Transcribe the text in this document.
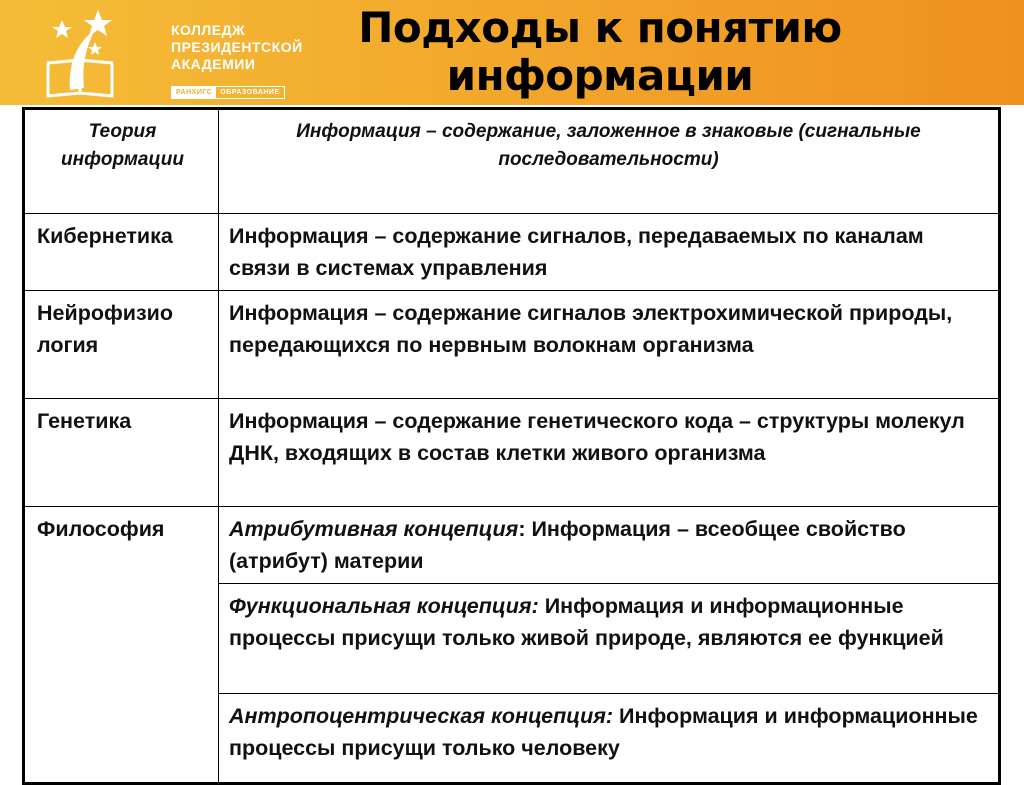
КОЛЛЕДЖ
ПРЕЗИДЕНТСКОЙ
АКАДЕМИИ
РАНХИГС	ОБРАЗОВАНИЕ
Подходы к понятию
информации
Теория информации	Информация – содержание, заложенное в знаковые (сигнальные последовательности)
Кибернетика	Информация – содержание сигналов, передаваемых по каналам связи в системах управления
Нейрофизио логия	Информация – содержание сигналов электрохимической природы, передающихся по нервным волокнам организма
Генетика	Информация – содержание генетического кода – структуры молекул ДНК, входящих в состав клетки живого организма
Философия	Атрибутивная концепция: Информация – всеобщее свойство (атрибут) материи
	Функциональная концепция: Информация и информационные процессы присущи только живой природе, являются ее функцией
	Антропоцентрическая концепция: Информация и информационные процессы присущи только человеку
